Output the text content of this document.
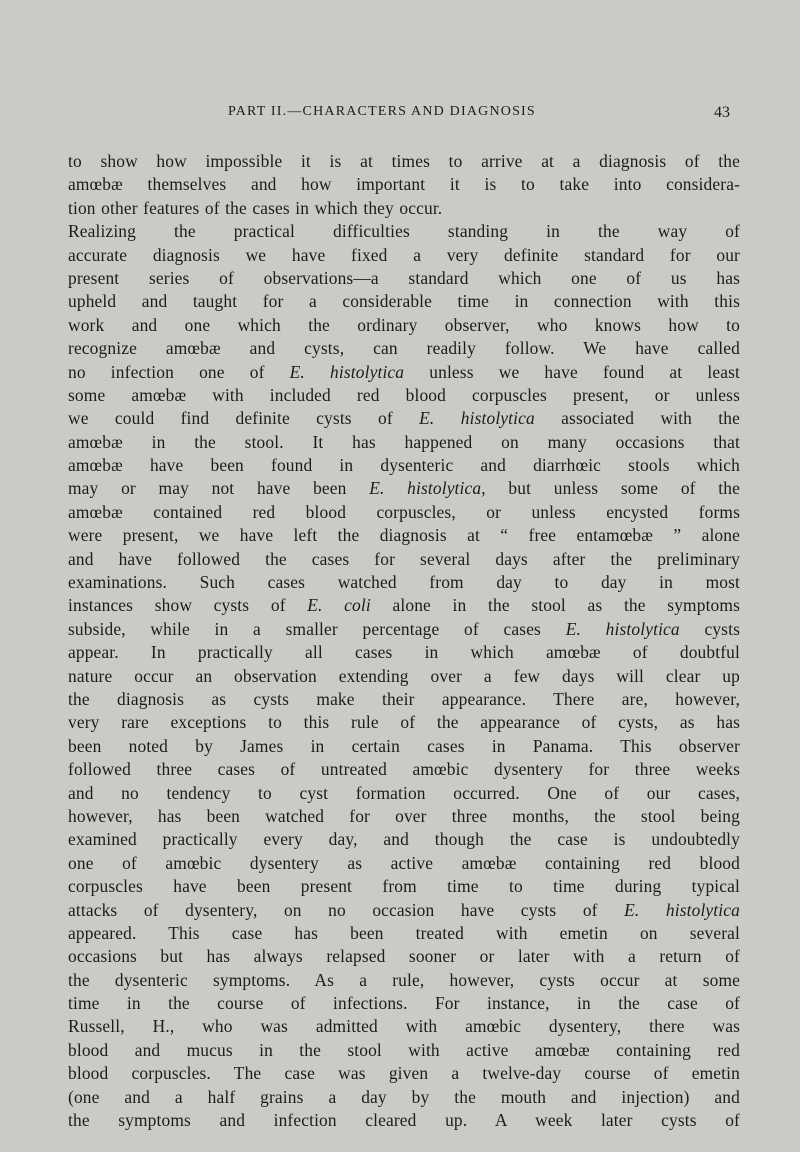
PART II.—CHARACTERS AND DIAGNOSIS	43
to show how impossible it is at times to arrive at a diagnosis of the
amœbæ themselves and how important it is to take into considera-
tion other features of the cases in which they occur.
Realizing the practical difficulties standing in the way of
accurate diagnosis we have fixed a very definite standard for our
present series of observations—a standard which one of us has
upheld and taught for a considerable time in connection with this
work and one which the ordinary observer, who knows how to
recognize amœbæ and cysts, can readily follow. We have called
no infection one of E. histolytica unless we have found at least
some amœbæ with included red blood corpuscles present, or unless
we could find definite cysts of E. histolytica associated with the
amœbæ in the stool. It has happened on many occasions that
amœbæ have been found in dysenteric and diarrhœic stools which
may or may not have been E. histolytica, but unless some of the
amœbæ contained red blood corpuscles, or unless encysted forms
were present, we have left the diagnosis at “ free entamœbæ ” alone
and have followed the cases for several days after the preliminary
examinations. Such cases watched from day to day in most
instances show cysts of E. coli alone in the stool as the symptoms
subside, while in a smaller percentage of cases E. histolytica cysts
appear. In practically all cases in which amœbæ of doubtful
nature occur an observation extending over a few days will clear up
the diagnosis as cysts make their appearance. There are, however,
very rare exceptions to this rule of the appearance of cysts, as has
been noted by James in certain cases in Panama. This observer
followed three cases of untreated amœbic dysentery for three weeks
and no tendency to cyst formation occurred. One of our cases,
however, has been watched for over three months, the stool being
examined practically every day, and though the case is undoubtedly
one of amœbic dysentery as active amœbæ containing red blood
corpuscles have been present from time to time during typical
attacks of dysentery, on no occasion have cysts of E. histolytica
appeared. This case has been treated with emetin on several
occasions but has always relapsed sooner or later with a return of
the dysenteric symptoms. As a rule, however, cysts occur at some
time in the course of infections. For instance, in the case of
Russell, H., who was admitted with amœbic dysentery, there was
blood and mucus in the stool with active amœbæ containing red
blood corpuscles. The case was given a twelve-day course of emetin
(one and a half grains a day by the mouth and injection) and
the symptoms and infection cleared up. A week later cysts of
